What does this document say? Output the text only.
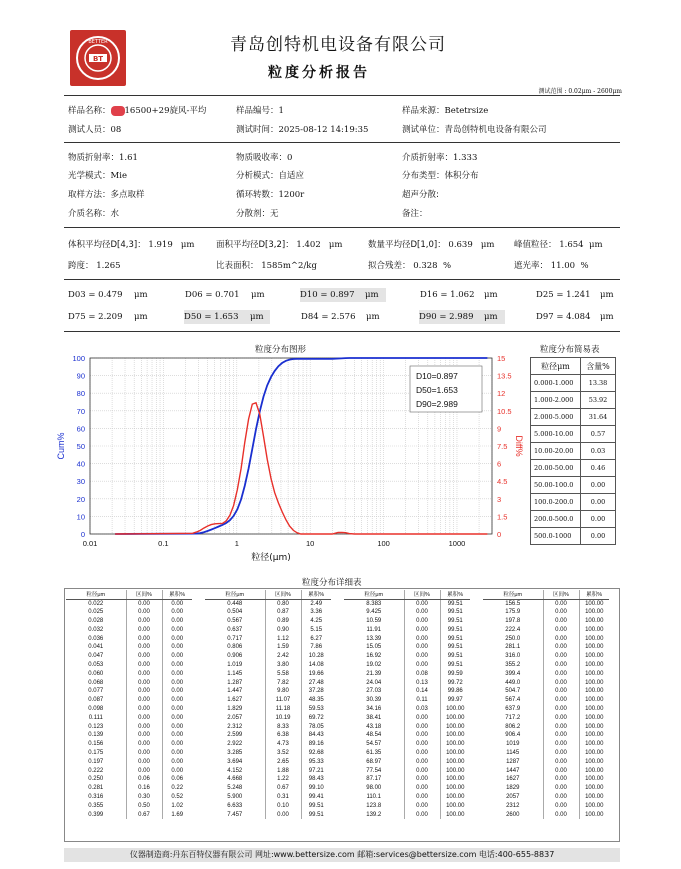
BT
BETTER	青岛创特机电设备有限公司
粒度分析报告
测试范围 : 0.02μm - 2600μm
样品名称： 16500+29旋风-平均	样品编号：1	样品来源：Betetrsize
测试人员：08	测试时间：2025-08-12 14:19:35	测试单位：青岛创特机电设备有限公司
物质折射率：1.61	物质吸收率：0	介质折射率：1.333
光学模式：Mie	分析模式：自适应	分布类型：体积分布
取样方法：多点取样	循环转数：1200r	超声分散:
介质名称：水	分散剂：无	备注：
体积平均径D[4,3]： 1.919 μm	面积平均径D[3,2]： 1.402 μm	数量平均径D[1,0]： 0.639 μm 峰值粒径： 1.654 μm
跨度： 1.265	比表面积： 1585m^2/kg	拟合残差： 0.328 %	遮光率： 11.00 %
D03 = 0.479 μm	D06 = 0.701 μm	D10 = 0.897 μm	D16 = 1.062 μm	D25 = 1.241 μm
D75 = 2.209 μm	D50 = 1.653 μm	D84 = 2.576 μm	D90 = 2.989 μm	D97 = 4.084 μm
粒度分布图形
0
10
20
30
40
50
60
70
80
90
100
0
1.5
3
4.5
6
7.5
9
10.5
12
13.5
15
0.01	0.1	1	10	100	1000
粒径(μm)
Cum%	Diff%
D10=0.897
D50=1.653
D90=2.989
粒度分布简易表
粒径μm	含量%
0.000-1.000	13.38
1.000-2.000	53.92
2.000-5.000	31.64
5.000-10.00	0.57
10.00-20.00	0.03
20.00-50.00	0.46
50.00-100.0	0.00
100.0-200.0	0.00
200.0-500.0	0.00
500.0-1000	0.00
粒度分布详细表
粒径μm	区间%	累积%
0.022	0.00	0.00
0.025	0.00	0.00
0.028	0.00	0.00
0.032	0.00	0.00
0.036	0.00	0.00
0.041	0.00	0.00
0.047	0.00	0.00
0.053	0.00	0.00
0.060	0.00	0.00
0.068	0.00	0.00
0.077	0.00	0.00
0.087	0.00	0.00
0.098	0.00	0.00
0.111	0.00	0.00
0.123	0.00	0.00
0.139	0.00	0.00
0.156	0.00	0.00
0.175	0.00	0.00
0.197	0.00	0.00
0.222	0.00	0.00
0.250	0.06	0.06
0.281	0.16	0.22
0.316	0.30	0.52
0.355	0.50	1.02
0.399	0.67	1.69
粒径μm	区间%	累积%
0.448	0.80	2.49
0.504	0.87	3.36
0.567	0.89	4.25
0.637	0.90	5.15
0.717	1.12	6.27
0.806	1.59	7.86
0.906	2.42	10.28
1.019	3.80	14.08
1.145	5.58	19.66
1.287	7.82	27.48
1.447	9.80	37.28
1.627	11.07	48.35
1.829	11.18	59.53
2.057	10.19	69.72
2.312	8.33	78.05
2.599	6.38	84.43
2.922	4.73	89.16
3.285	3.52	92.68
3.694	2.65	95.33
4.152	1.88	97.21
4.668	1.22	98.43
5.248	0.67	99.10
5.900	0.31	99.41
6.633	0.10	99.51
7.457	0.00	99.51
粒径μm	区间%	累积%
8.383	0.00	99.51
9.425	0.00	99.51
10.59	0.00	99.51
11.91	0.00	99.51
13.39	0.00	99.51
15.05	0.00	99.51
16.92	0.00	99.51
19.02	0.00	99.51
21.39	0.08	99.59
24.04	0.13	99.72
27.03	0.14	99.86
30.39	0.11	99.97
34.16	0.03	100.00
38.41	0.00	100.00
43.18	0.00	100.00
48.54	0.00	100.00
54.57	0.00	100.00
61.35	0.00	100.00
68.97	0.00	100.00
77.54	0.00	100.00
87.17	0.00	100.00
98.00	0.00	100.00
110.1	0.00	100.00
123.8	0.00	100.00
139.2	0.00	100.00
粒径μm	区间%	累积%
156.5	0.00	100.00
175.9	0.00	100.00
197.8	0.00	100.00
222.4	0.00	100.00
250.0	0.00	100.00
281.1	0.00	100.00
316.0	0.00	100.00
355.2	0.00	100.00
399.4	0.00	100.00
449.0	0.00	100.00
504.7	0.00	100.00
567.4	0.00	100.00
637.9	0.00	100.00
717.2	0.00	100.00
806.2	0.00	100.00
906.4	0.00	100.00
1019	0.00	100.00
1145	0.00	100.00
1287	0.00	100.00
1447	0.00	100.00
1627	0.00	100.00
1829	0.00	100.00
2057	0.00	100.00
2312	0.00	100.00
2600	0.00	100.00
仪器制造商:丹东百特仪器有限公司 网址:www.bettersize.com 邮箱:services@bettersize.com 电话:400-655-8837
